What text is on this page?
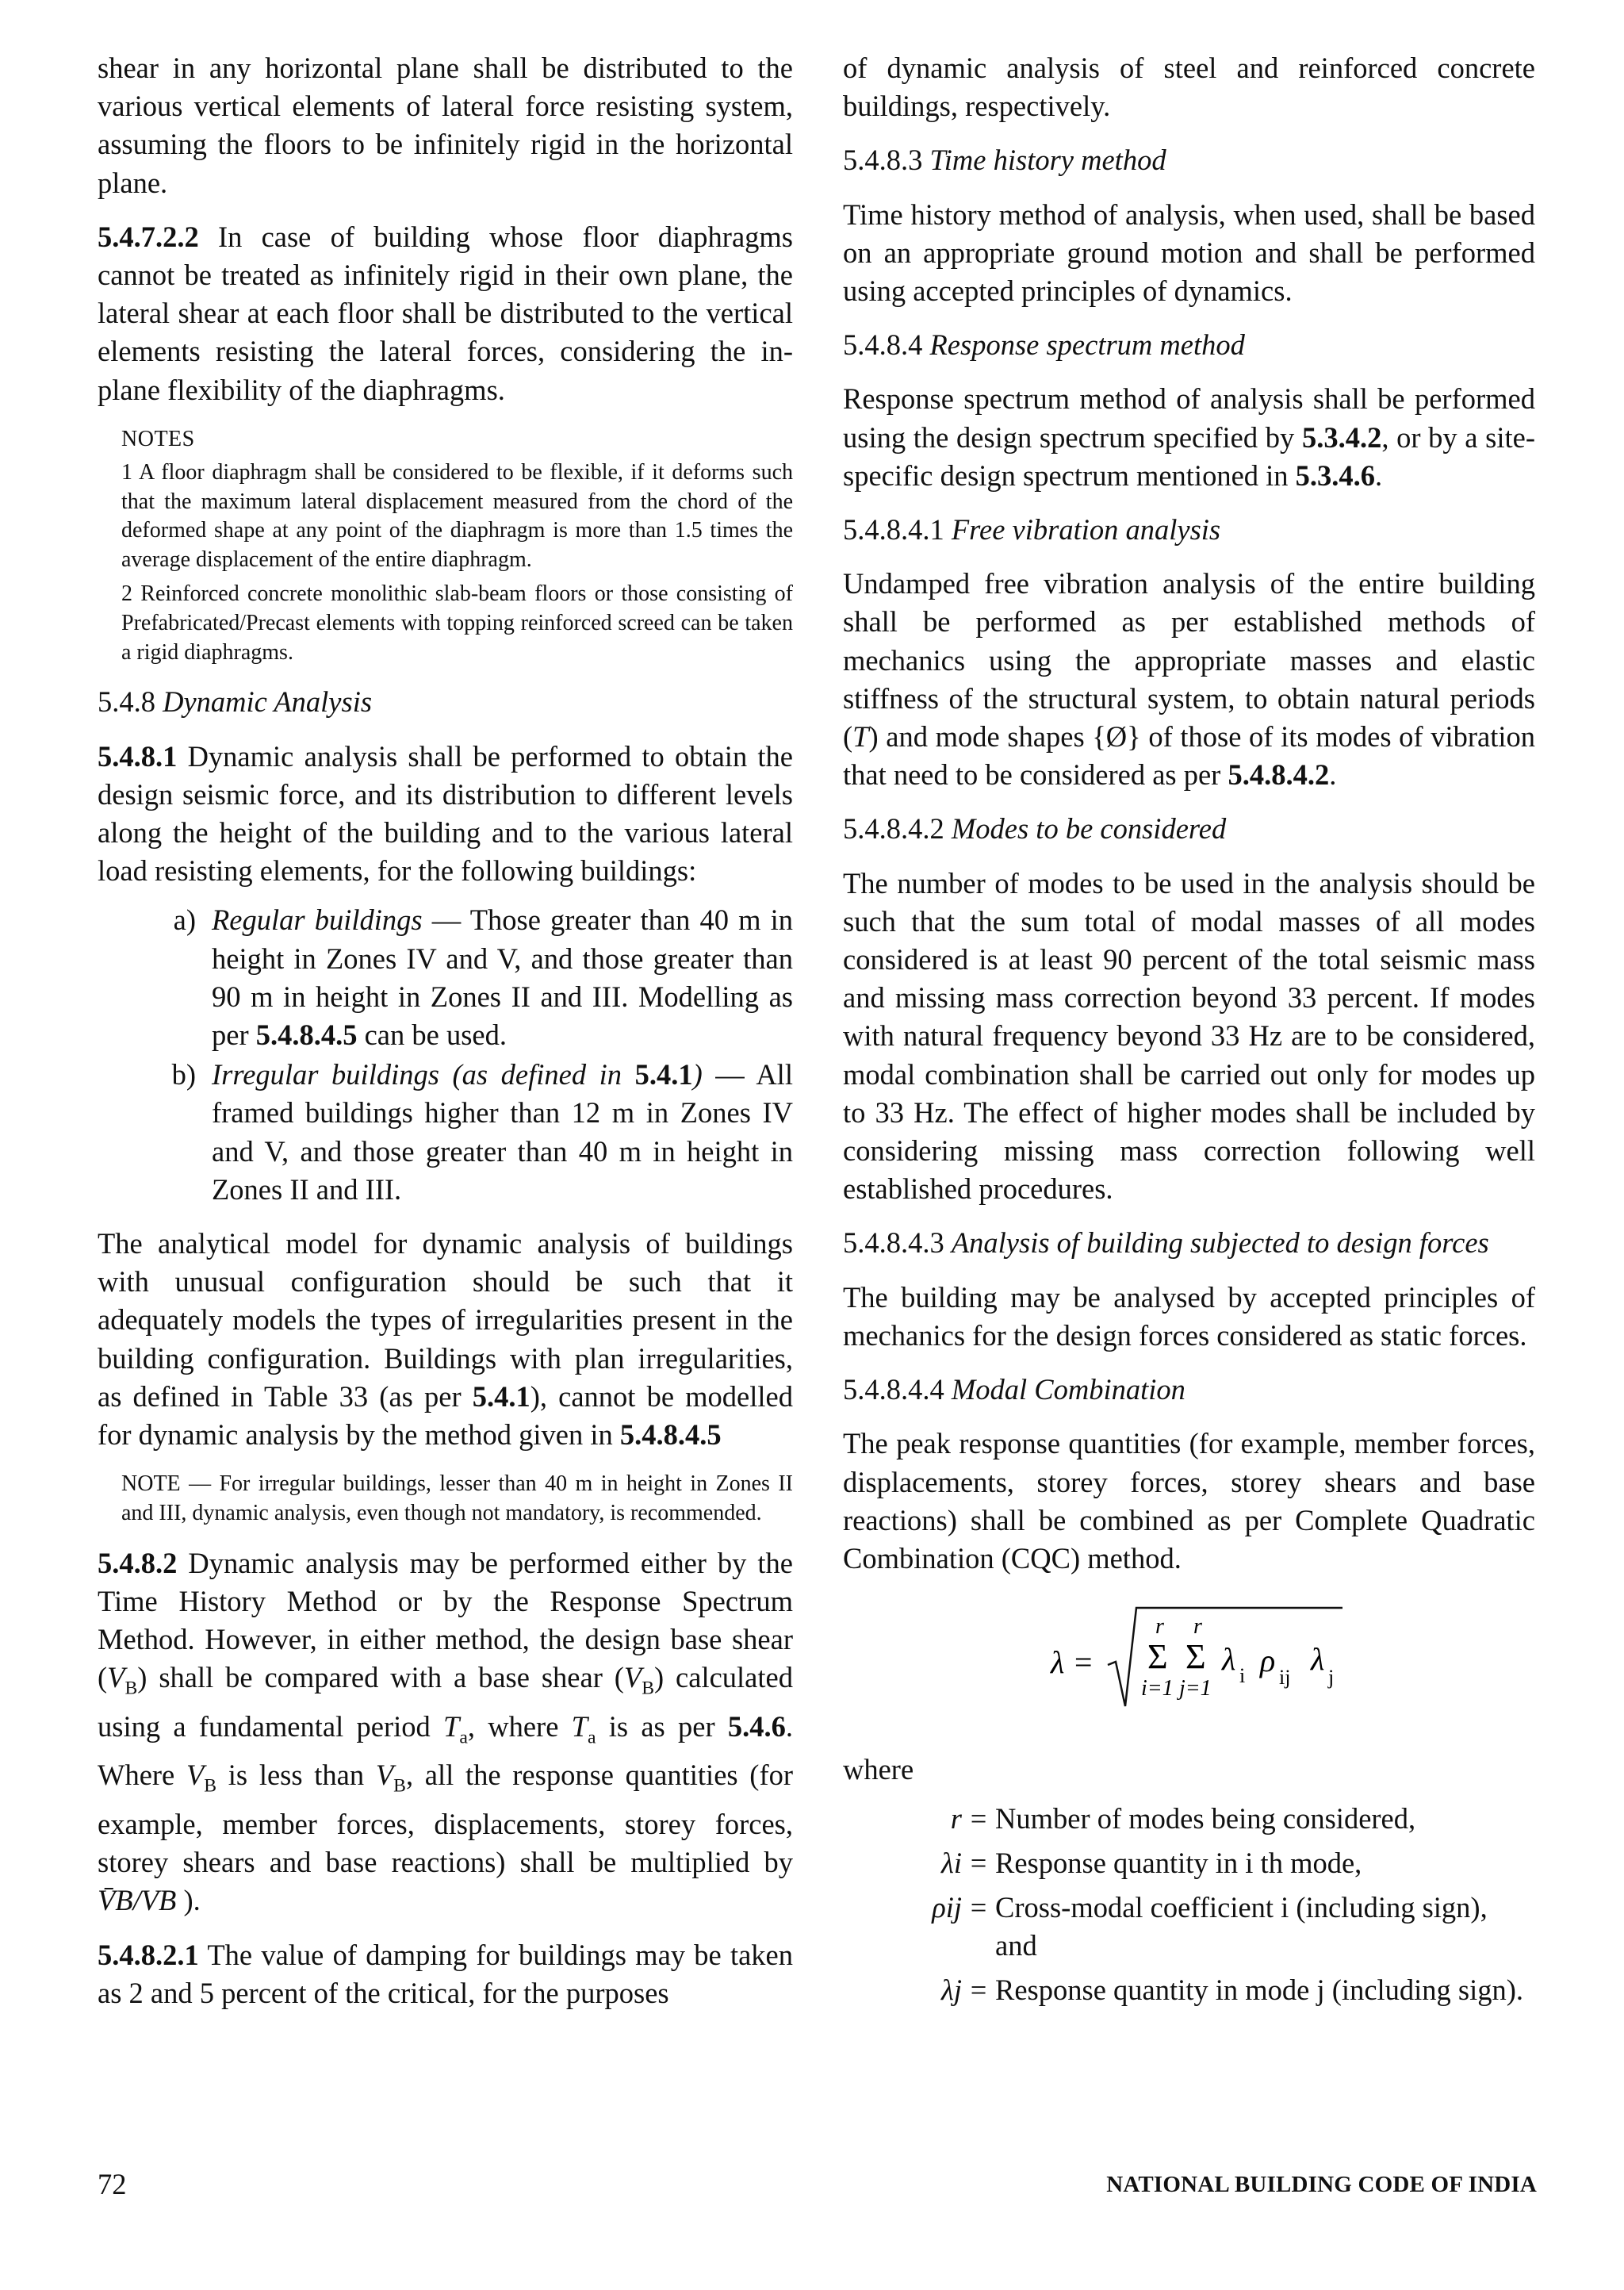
shear in any horizontal plane shall be distributed to the various vertical elements of lateral force resisting system, assuming the floors to be infinitely rigid in the horizontal plane.

5.4.7.2.2 In case of building whose floor diaphragms cannot be treated as infinitely rigid in their own plane, the lateral shear at each floor shall be distributed to the vertical elements resisting the lateral forces, considering the in-plane flexibility of the diaphragms.

NOTES

1 A floor diaphragm shall be considered to be flexible, if it deforms such that the maximum lateral displacement measured from the chord of the deformed shape at any point of the diaphragm is more than 1.5 times the average displacement of the entire diaphragm.

2 Reinforced concrete monolithic slab-beam floors or those consisting of Prefabricated/Precast elements with topping reinforced screed can be taken a rigid diaphragms.

5.4.8 Dynamic Analysis

5.4.8.1 Dynamic analysis shall be performed to obtain the design seismic force, and its distribution to different levels along the height of the building and to the various lateral load resisting elements, for the following buildings:

a) Regular buildings — Those greater than 40 m in height in Zones IV and V, and those greater than 90 m in height in Zones II and III. Modelling as per 5.4.8.4.5 can be used.
b) Irregular buildings (as defined in 5.4.1) — All framed buildings higher than 12 m in Zones IV and V, and those greater than 40 m in height in Zones II and III.

The analytical model for dynamic analysis of buildings with unusual configuration should be such that it adequately models the types of irregularities present in the building configuration. Buildings with plan irregularities, as defined in Table 33 (as per 5.4.1), cannot be modelled for dynamic analysis by the method given in 5.4.8.4.5

NOTE — For irregular buildings, lesser than 40 m in height in Zones II and III, dynamic analysis, even though not mandatory, is recommended.

5.4.8.2 Dynamic analysis may be performed either by the Time History Method or by the Response Spectrum Method. However, in either method, the design base shear $(V_B)$ shall be compared with a base shear $(V_B)$ calculated using a fundamental period $T_a$, where $T_a$ is as per 5.4.6. Where $V_B$ is less than $V_B$, all the response quantities (for example, member forces, displacements, storey forces, storey shears and base reactions) shall be multiplied by V̄B/VB ).

5.4.8.2.1 The value of damping for buildings may be taken as 2 and 5 percent of the critical, for the purposes

of dynamic analysis of steel and reinforced concrete buildings, respectively.

5.4.8.3 Time history method

Time history method of analysis, when used, shall be based on an appropriate ground motion and shall be performed using accepted principles of dynamics.

5.4.8.4 Response spectrum method

Response spectrum method of analysis shall be performed using the design spectrum specified by 5.3.4.2, or by a site-specific design spectrum mentioned in 5.3.4.6.

5.4.8.4.1 Free vibration analysis

Undamped free vibration analysis of the entire building shall be performed as per established methods of mechanics using the appropriate masses and elastic stiffness of the structural system, to obtain natural periods (T) and mode shapes {Ø} of those of its modes of vibration that need to be considered as per 5.4.8.4.2.

5.4.8.4.2 Modes to be considered

The number of modes to be used in the analysis should be such that the sum total of modal masses of all modes considered is at least 90 percent of the total seismic mass and missing mass correction beyond 33 percent. If modes with natural frequency beyond 33 Hz are to be considered, modal combination shall be carried out only for modes up to 33 Hz. The effect of higher modes shall be included by considering missing mass correction following well established procedures.

5.4.8.4.3 Analysis of building subjected to design forces

The building may be analysed by accepted principles of mechanics for the design forces considered as static forces.

5.4.8.4.4 Modal Combination

The peak response quantities (for example, member forces, displacements, storey forces, storey shears and base reactions) shall be combined as per Complete Quadratic Combination (CQC) method.

λ =
r
Σ
i=1
r
Σ
j=1
λ i ρ ij
λ
j

where

r = Number of modes being considered,
λi = Response quantity in i th mode,
ρij = Cross-modal coefficient i (including sign), and
λj = Response quantity in mode j (including sign).
72	NATIONAL BUILDING CODE OF INDIA
